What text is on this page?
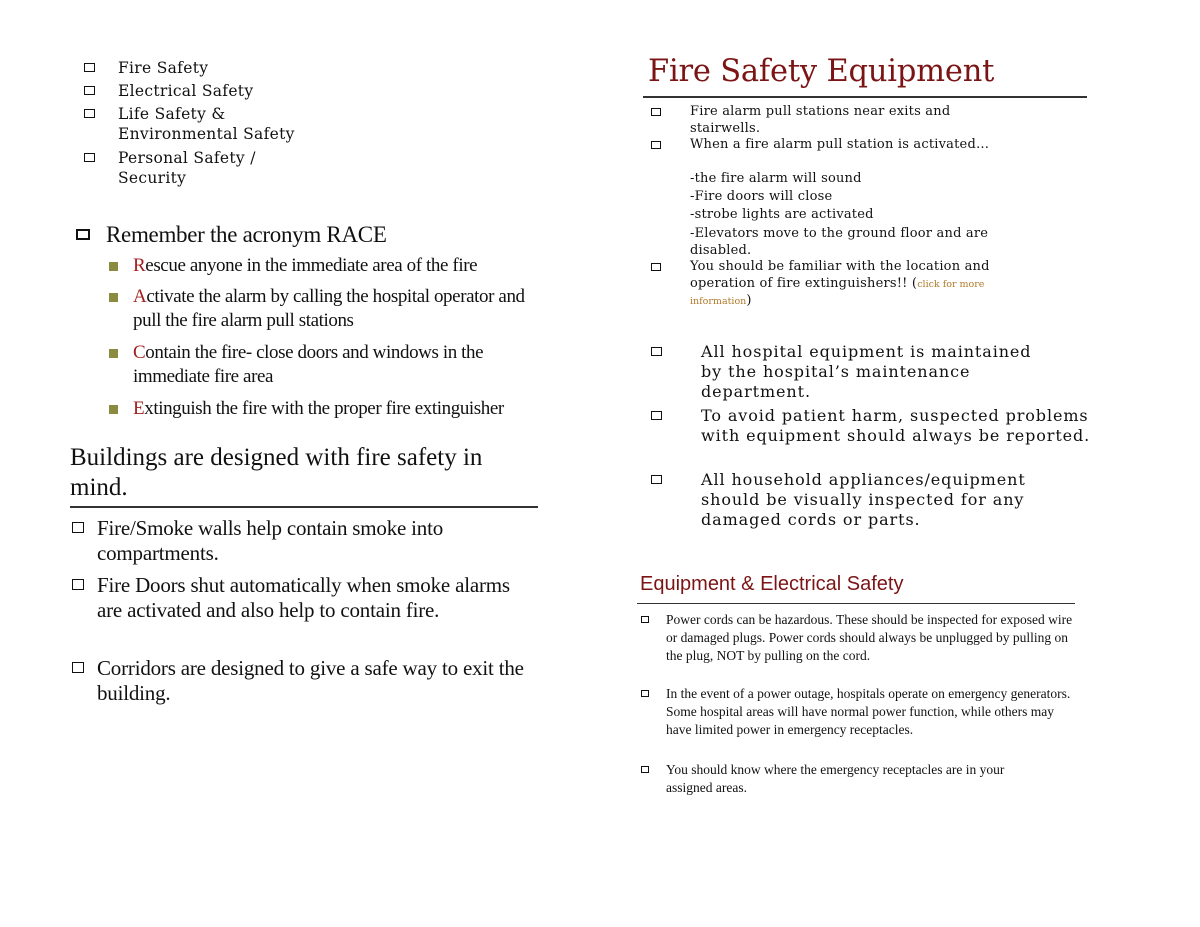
Fire Safety
Electrical Safety
Life Safety &
Environmental Safety
Personal Safety /
Security
Remember the acronym RACE
Rescue anyone in the immediate area of the fire
Activate the alarm by calling the hospital operator and pull the fire alarm pull stations
Contain the fire- close doors and windows in the immediate fire area
Extinguish the fire with the proper fire extinguisher
Buildings are designed with fire safety in mind.
Fire/Smoke walls help contain smoke into compartments.
Fire Doors shut automatically when smoke alarms are activated and also help to contain fire.
Corridors are designed to give a safe way to exit the building.
Fire Safety Equipment
Fire alarm pull stations near exits and stairwells.
When a fire alarm pull station is activated…
-the fire alarm will sound
-Fire doors will close
-strobe lights are activated
-Elevators move to the ground floor and are disabled.
You should be familiar with the location and operation of fire extinguishers!! (click for more information)
All hospital equipment is maintained by the hospital’s maintenance department.
To avoid patient harm, suspected problems with equipment should always be reported.
All household appliances/equipment should be visually inspected for any damaged cords or parts.
Equipment & Electrical Safety
Power cords can be hazardous. These should be inspected for exposed wire or damaged plugs. Power cords should always be unplugged by pulling on the plug, NOT by pulling on the cord.
In the event of a power outage, hospitals operate on emergency generators. Some hospital areas will have normal power function, while others may have limited power in emergency receptacles.
You should know where the emergency receptacles are in your assigned areas.
